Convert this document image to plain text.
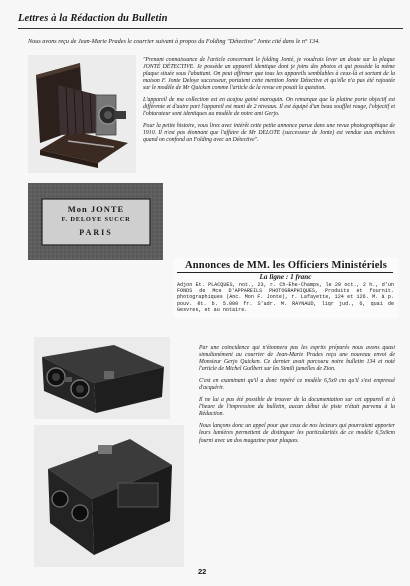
Lettres à la Rédaction du Bulletin
Nous avons reçu de Jean-Marie Prades le courrier suivant à propos du Folding "Détective" Jonte cité dans le n° 134.
Mon JONTE
F. DELOYE SUCCR
PARIS

"Prenant connaissance de l'article concernant le folding Jonté, je voudrais lever un doute sur la plaque JONTÉ DÉTECTIVE. Je possède un appareil identique dont je joins des photos et qui possède la même plaque située sous l'abattant. On peut affirmer que tous les appareils semblables à ceux-là et sortant de la maison F. Jonte Deloye successeur, portaient cette mention Jonte Détective et qu'elle n'a pas été rajoutée sur le modèle de Mr Quicken comme l'article de la revue en posait la question.

L'appareil de ma collection est en acajou gainé maroquin. On remarque que la platine porte objectif est différente et d'autre part l'appareil est muni de 2 niveaux. Il est équipé d'un beau soufflet rouge, l'objectif et l'obturateur sont identiques au modèle de notre ami Gerjo.

Pour la petite histoire, vous lirez avec intérêt cette petite annonce parue dans une revue photographique de 1910. Il n'est pas étonnant que l'affaire de Mr DELOTE (successeur de Jonte) est vendue aux enchères quand on confond un Folding avec un Détective".

Annonces de MM. les Officiers Ministériels
La ligne : 1 franc

Adjon Et. PLACQUES, not., 23, r. Ch-Ehe-Champs, le 20 oct., 2 h., d'un FONDS de Mce D'APPAREILS PHOTOGRAPHIQUES, Produits et fournit. photographiques (Anc. Mon F. Jonte), r. Lafayette, 124 et 126. M. à p. pouv. êt. b. 5.000 fr. S'adr. M. RAYNAUD, liqr jud., 6, quai de Gesvres, et au notaire.

Par une coïncidence qui n'étonnera pas les esprits préparés nous avons quasi simultanément au courrier de Jean-Marie Prades reçu une nouveau envoi de Monsieur Gerjo Quicken. Ce dernier avait parcouru notre bulletin 134 et noté l'article de Michel Guilbert sur les Simili jumelles de Zion.

C'est en examinant qu'il a donc repéré ce modèle 6,5x9 cm qu'il s'est empressé d'acquérir.

Il ne lui a pas été possible de trouver de la documentation sur cet appareil et à l'heure de l'impression du bulletin, aucun début de piste n'était parvenu à la Rédaction.

Nous lançons donc un appel pour que ceux de nos lecteurs qui pourraient apporter leurs lumières permettent de distinguer les particularités de ce modèle 6,5x9cm fourni avec un dos magazine pour plaques.

22
